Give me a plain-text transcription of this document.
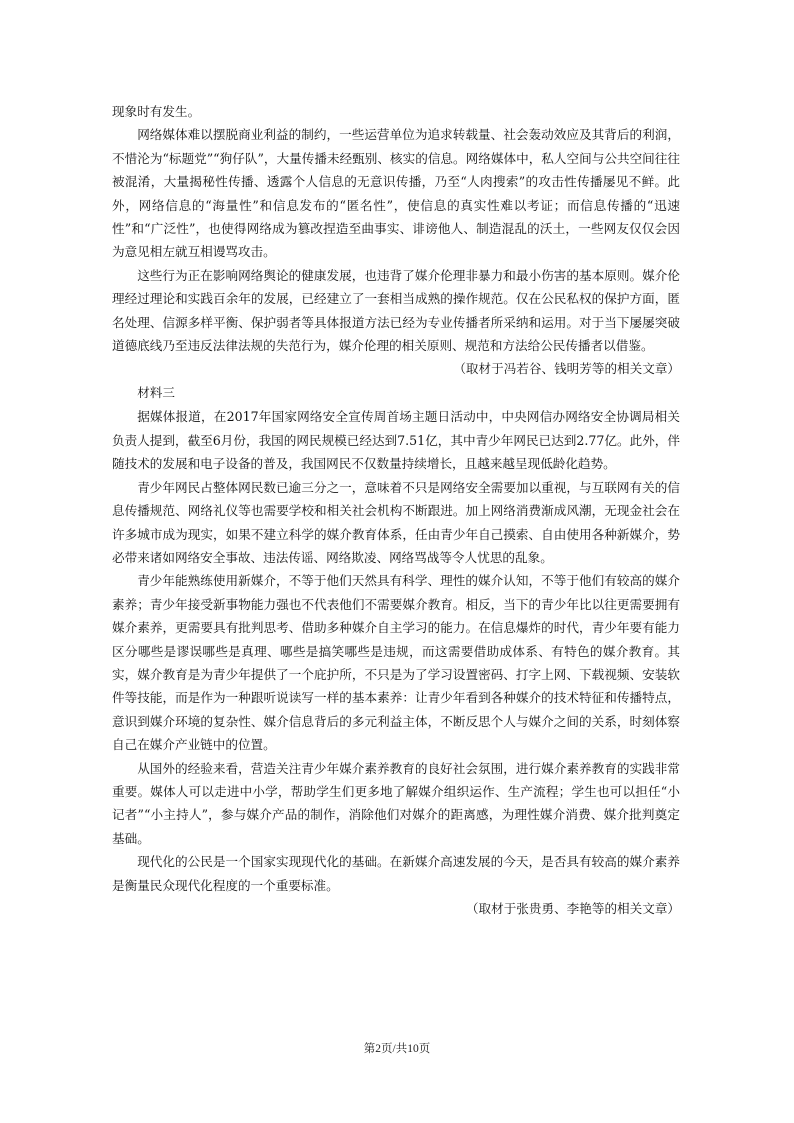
现象时有发生。

网络媒体难以摆脱商业利益的制约，一些运营单位为追求转载量、社会轰动效应及其背后的利润，不惜沦为“标题党”“狗仔队”，大量传播未经甄别、核实的信息。网络媒体中，私人空间与公共空间往往被混淆，大量揭秘性传播、透露个人信息的无意识传播，乃至“人肉搜索”的攻击性传播屡见不鲜。此外，网络信息的“海量性”和信息发布的“匿名性”，使信息的真实性难以考证；而信息传播的“迅速性”和“广泛性”，也使得网络成为篡改捏造至曲事实、诽谤他人、制造混乱的沃土，一些网友仅仅会因为意见相左就互相谩骂攻击。

这些行为正在影响网络舆论的健康发展，也违背了媒介伦理非暴力和最小伤害的基本原则。媒介伦理经过理论和实践百余年的发展，已经建立了一套相当成熟的操作规范。仅在公民私权的保护方面，匿名处理、信源多样平衡、保护弱者等具体报道方法已经为专业传播者所采纳和运用。对于当下屡屡突破道德底线乃至违反法律法规的失范行为，媒介伦理的相关原则、规范和方法给公民传播者以借鉴。

（取材于冯若谷、钱明芳等的相关文章）

材料三

据媒体报道，在2017年国家网络安全宣传周首场主题日活动中，中央网信办网络安全协调局相关负责人提到，截至6月份，我国的网民规模已经达到7.51亿，其中青少年网民已达到2.77亿。此外，伴随技术的发展和电子设备的普及，我国网民不仅数量持续增长，且越来越呈现低龄化趋势。

青少年网民占整体网民数已逾三分之一，意味着不只是网络安全需要加以重视，与互联网有关的信息传播规范、网络礼仪等也需要学校和相关社会机构不断跟进。加上网络消费渐成风潮，无现金社会在许多城市成为现实，如果不建立科学的媒介教育体系，任由青少年自己摸索、自由使用各种新媒介，势必带来诸如网络安全事故、违法传谣、网络欺凌、网络骂战等令人忧思的乱象。

青少年能熟练使用新媒介，不等于他们天然具有科学、理性的媒介认知，不等于他们有较高的媒介素养；青少年接受新事物能力强也不代表他们不需要媒介教育。相反，当下的青少年比以往更需要拥有媒介素养，更需要具有批判思考、借助多种媒介自主学习的能力。在信息爆炸的时代，青少年要有能力区分哪些是谬误哪些是真理、哪些是搞笑哪些是违规，而这需要借助成体系、有特色的媒介教育。其实，媒介教育是为青少年提供了一个庇护所，不只是为了学习设置密码、打字上网、下载视频、安装软件等技能，而是作为一种跟听说读写一样的基本素养：让青少年看到各种媒介的技术特征和传播特点，意识到媒介环境的复杂性、媒介信息背后的多元利益主体，不断反思个人与媒介之间的关系，时刻体察自己在媒介产业链中的位置。

从国外的经验来看，营造关注青少年媒介素养教育的良好社会氛围，进行媒介素养教育的实践非常重要。媒体人可以走进中小学，帮助学生们更多地了解媒介组织运作、生产流程；学生也可以担任“小记者”“小主持人”，参与媒介产品的制作，消除他们对媒介的距离感，为理性媒介消费、媒介批判奠定基础。

现代化的公民是一个国家实现现代化的基础。在新媒介高速发展的今天，是否具有较高的媒介素养是衡量民众现代化程度的一个重要标准。

（取材于张贵勇、李艳等的相关文章）

第2页/共10页
